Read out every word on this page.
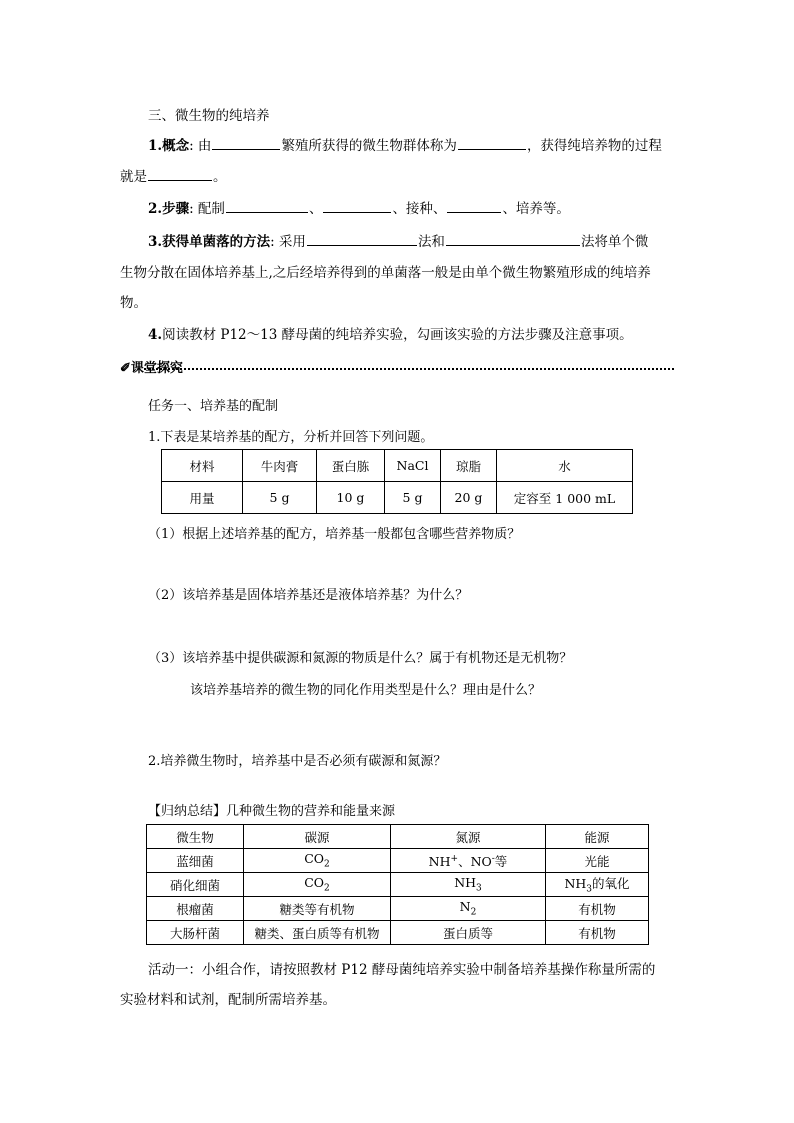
三、微生物的纯培养
1.概念: 由	繁殖所获得的微生物群体称为	，获得纯培养物的过程
就是	。
2.步骤: 配制	、	、接种、	、培养等。
3.获得单菌落的方法: 采用	法和	法将单个微
生物分散在固体培养基上,之后经培养得到的单菌落一般是由单个微生物繁殖形成的纯培养
物。
4.阅读教材 P12～13 酵母菌的纯培养实验，勾画该实验的方法步骤及注意事项。
✐课堂探究
任务一、培养基的配制
1.下表是某培养基的配方，分析并回答下列问题。
材料	牛肉膏	蛋白胨	NaCl	琼脂	水
用量	5 g	10 g	5 g	20 g	定容至 1 000 mL
（1）根据上述培养基的配方，培养基一般都包含哪些营养物质？
（2）该培养基是固体培养基还是液体培养基？为什么？
（3）该培养基中提供碳源和氮源的物质是什么？属于有机物还是无机物？
该培养基培养的微生物的同化作用类型是什么？理由是什么？
2.培养微生物时，培养基中是否必须有碳源和氮源？
【归纳总结】几种微生物的营养和能量来源
微生物	碳源	氮源	能源
蓝细菌	$CO_2$	NH+、NO-等	光能
硝化细菌	$CO_2$	$NH_3$	$NH_3$的氧化
根瘤菌	糖类等有机物	$N_2$	有机物
大肠杆菌	糖类、蛋白质等有机物	蛋白质等	有机物
活动一：小组合作，请按照教材 P12 酵母菌纯培养实验中制备培养基操作称量所需的
实验材料和试剂，配制所需培养基。
